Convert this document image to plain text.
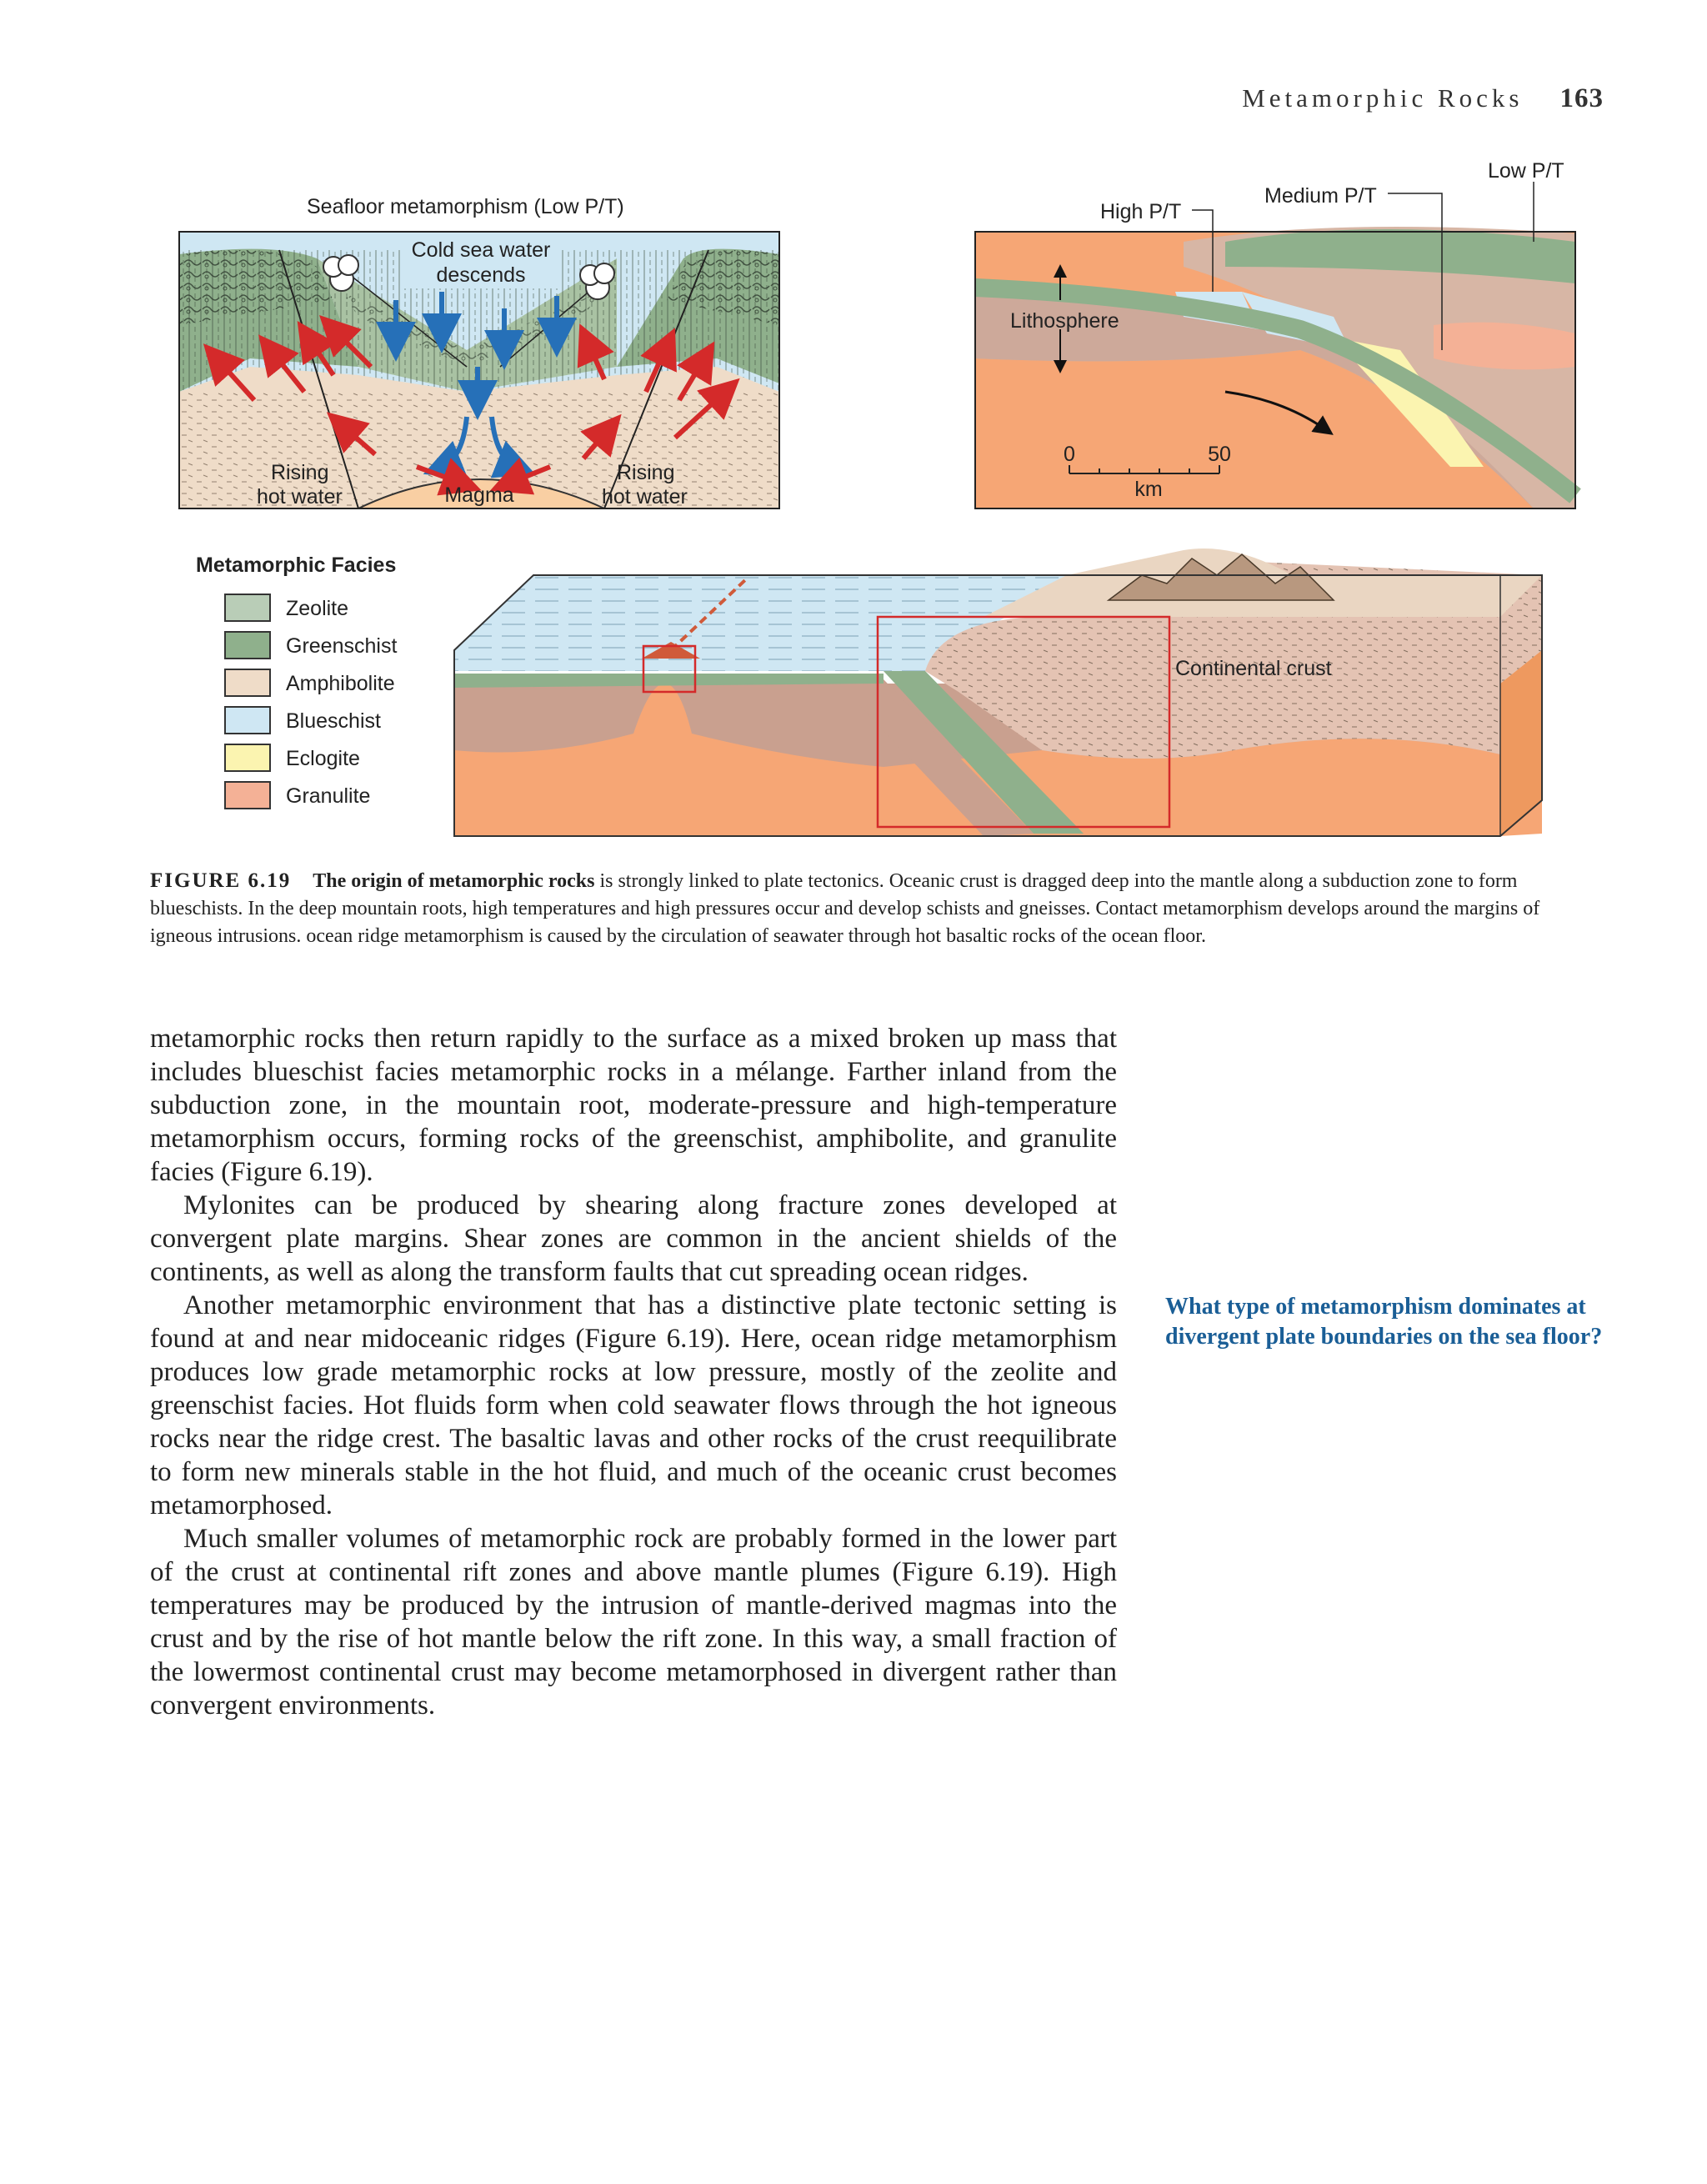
Metamorphic Rocks 163
Seafloor metamorphism (Low P/T)
Cold sea water
descends
Rising
hot water	Magma
Rising
hot water
High P/T
Medium P/T
Low P/T
Lithosphere
0	50
km
Metamorphic Facies
Zeolite
Greenschist
Amphibolite
Blueschist
Eclogite
Granulite
Continental crust
FIGURE 6.19 The origin of metamorphic rocks is strongly linked to plate tectonics. Oceanic crust is dragged deep into the mantle along a subduction zone to form blueschists. In the deep mountain roots, high temperatures and high pressures occur and develop schists and gneisses. Contact metamorphism develops around the margins of igneous intrusions. ocean ridge metamorphism is caused by the circulation of seawater through hot basaltic rocks of the ocean floor.

metamorphic rocks then return rapidly to the surface as a mixed broken up mass that includes blueschist facies metamorphic rocks in a mélange. Farther inland from the subduction zone, in the mountain root, moderate-pressure and high-temperature metamorphism occurs, forming rocks of the greenschist, amphibolite, and granulite facies (Figure 6.19).

Mylonites can be produced by shearing along fracture zones developed at convergent plate margins. Shear zones are common in the ancient shields of the continents, as well as along the transform faults that cut spreading ocean ridges.

Another metamorphic environment that has a distinctive plate tectonic setting is found at and near midoceanic ridges (Figure 6.19). Here, ocean ridge metamorphism produces low grade metamorphic rocks at low pressure, mostly of the zeolite and greenschist facies. Hot fluids form when cold seawater flows through the hot igneous rocks near the ridge crest. The basaltic lavas and other rocks of the crust reequilibrate to form new minerals stable in the hot fluid, and much of the oceanic crust becomes metamorphosed.

Much smaller volumes of metamorphic rock are probably formed in the lower part of the crust at continental rift zones and above mantle plumes (Figure 6.19). High temperatures may be produced by the intrusion of mantle-derived magmas into the crust and by the rise of hot mantle below the rift zone. In this way, a small fraction of the lowermost continental crust may become metamorphosed in divergent rather than convergent environments.

What type of metamorphism dominates at divergent plate boundaries on the sea floor?
